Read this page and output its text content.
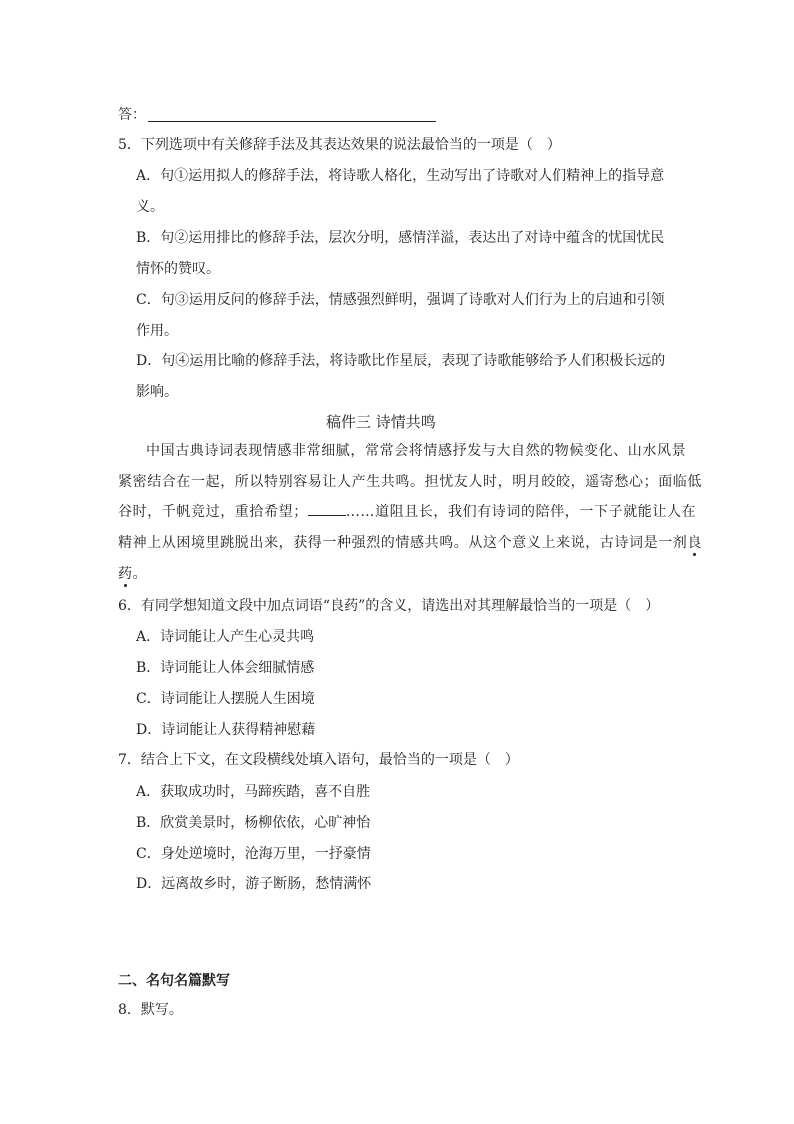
答：
5．下列选项中有关修辞手法及其表达效果的说法最恰当的一项是（　）
A．句①运用拟人的修辞手法，将诗歌人格化，生动写出了诗歌对人们精神上的指导意
义。
B．句②运用排比的修辞手法，层次分明，感情洋溢，表达出了对诗中蕴含的忧国忧民
情怀的赞叹。
C．句③运用反问的修辞手法，情感强烈鲜明，强调了诗歌对人们行为上的启迪和引领
作用。
D．句④运用比喻的修辞手法，将诗歌比作星辰，表现了诗歌能够给予人们积极长远的
影响。
稿件三 诗情共鸣
中国古典诗词表现情感非常细腻，常常会将情感抒发与大自然的物候变化、山水风景
紧密结合在一起，所以特别容易让人产生共鸣。担忧友人时，明月皎皎，遥寄愁心；面临低
谷时，千帆竞过，重拾希望；	……道阻且长，我们有诗词的陪伴，一下子就能让人在
精神上从困境里跳脱出来，获得一种强烈的情感共鸣。从这个意义上来说，古诗词是一剂良
药。
6．有同学想知道文段中加点词语“良药”的含义，请选出对其理解最恰当的一项是（　）
A．诗词能让人产生心灵共鸣
B．诗词能让人体会细腻情感
C．诗词能让人摆脱人生困境
D．诗词能让人获得精神慰藉
7．结合上下文，在文段横线处填入语句，最恰当的一项是（　）
A．获取成功时，马蹄疾踏，喜不自胜
B．欣赏美景时，杨柳依依，心旷神怡
C．身处逆境时，沧海万里，一抒豪情
D．远离故乡时，游子断肠，愁情满怀
二、名句名篇默写
8．默写。
